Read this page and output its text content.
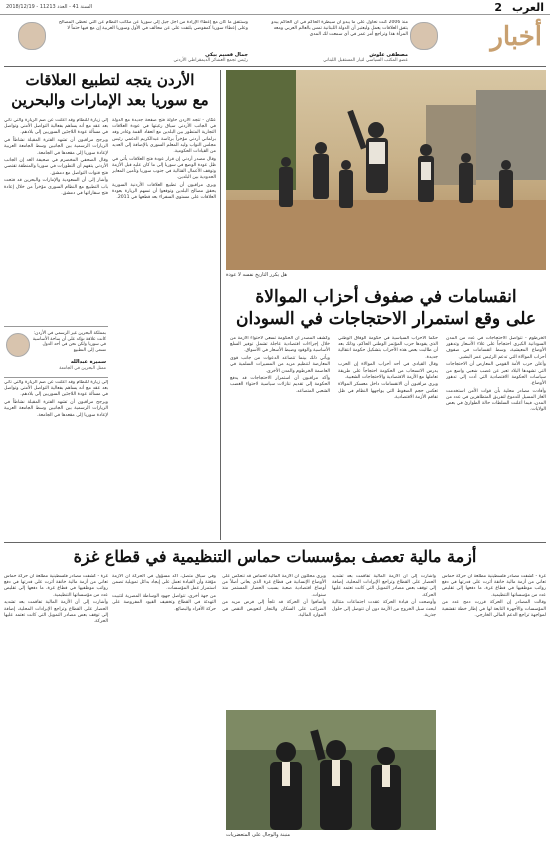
العرب
2
السنة 41 - العدد 11213 - 2018/12/19
أخبار
منذ 2006 كنت نحاول على ما يبدو أن سيطرة الحاكم في أن الحاكم يبدو يتفق العلاقات يعمل وليعتبر أن الدولة اللبنانية تمس بالعالم العربي ومعه المرأة هذا وتراجع أمر عمر في أي سمعت لك المدى
مصطفى علوش
عضو المكتب السياسي لتيار المستقبل اللبناني
وستتفق ما كان مع إعطاء الإرادة من أجل جيل إلى سوريا عن مكاتب النظام عن التي تحظى المصالح وعلى إعطاء سوريا كمفوضي يلتفت على عن محالف في الأول وسوريا العربية إن مع فيها حتماً لا
جمال قسيم بيكي
رئيس تجمع العشائر الديمقراطي الأردني
هل يكرر التاريخ نفسه لا عودة
انقسامات في صفوف أحزاب الموالاة
على وقع استمرار الاحتجاجات في السودان

الخرطوم - تتواصل الاحتجاجات في عدد من المدن السودانية الكبرى احتجاجاً على غلاء الأسعار وتدهور الأوضاع المعيشية، وسط انقسامات في صفوف أحزاب الموالاة التي تدعم الرئيس عمر البشير.

وأعلن حزب الأمة القومي المعارض أن الاحتجاجات التي تشهدها البلاد تعبر عن غضب شعبي واسع من سياسات الحكومة الاقتصادية التي أدت إلى تدهور الأوضاع.

وأفادت مصادر محلية بأن قوات الأمن استخدمت الغاز المسيل للدموع لتفريق المتظاهرين في عدد من المدن، فيما أعلنت السلطات حالة الطوارئ في بعض الولايات.

حكماً الأحزاب السياسية في حكومة الوفاق الوطني الذي يقودها حزب المؤتمر الوطني الحاكم، وذلك بعد أن طالبت بعض هذه الأحزاب بتشكيل حكومة انتقالية جديدة.

وقال القيادي في أحد أحزاب الموالاة إن الحزب يدرس الانسحاب من الحكومة احتجاجاً على طريقة تعاملها مع الأزمة الاقتصادية والاحتجاجات الشعبية.

ويرى مراقبون أن الانقسامات داخل معسكر الموالاة تعكس حجم الضغوط التي يواجهها النظام في ظل تفاقم الأزمة الاقتصادية.

وكشف المصدر أن الحكومة تسعى لاحتواء الأزمة من خلال إجراءات اقتصادية عاجلة تشمل توفير السلع الأساسية والوقود وضبط الأسعار في الأسواق.

ويأتي ذلك بينما تتصاعد الدعوات من جانب قوى المعارضة لتنظيم مزيد من المسيرات السلمية في العاصمة الخرطوم والمدن الأخرى.

وأكد مراقبون أن استمرار الاحتجاجات قد يدفع الحكومة إلى تقديم تنازلات سياسية لاحتواء الغضب الشعبي المتصاعد.

الأردن يتجه لتطبيع العلاقات
مع سوريا بعد الإمارات والبحرين

عمّان - تتجه الأردن حاولة فتح صفحة جديدة مع الدولة في الجانب الأردني سياق رغبتها في عودة العلاقات التجارية المتطور بين البلدين مع انعقاد القمة وغادر وفد برلماني أردني مؤخراً برئاسة عبدالكريم الدغمي رئيس مجلس النواب وليد المعلم السوري بالإضافة إلى العديد من القيادات الحكومية.

وقال مصدر أردني إن قرار عودة فتح العلاقات يأتي في ظل عودة الوضع في سوريا إلى ما كان عليه قبل الأزمة وتوقف الأعمال القتالية في جنوب سوريا وتأمين المعابر الحدودية بين البلدين.

ويرى مراقبون أن تطبيع العلاقات الأردنية السورية يحقق مصالح البلدين وتوقعوا أن تسهم الزيارة بعودة العلاقات على مستوى السفراء بعد قطعها في 2011.

إلى زيارة للنظام وقد أعلنت عن ضم الزيارة والتي تأتي بعد عقد مع أنه يساهم بفعالية التواصل الأمني وتواصل في مسألة عودة اللاجئين السوريين إلى بلادهم.

ويرجح مراقبون أن تشهد الفترة المقبلة نشاطاً في الزيارات الرسمية بين الجانبين وسط الجامعة العربية لإعادة سوريا إلى مقعدها في الجامعة.

وقال الصحفي المخضرم في صحيفة الغد إن الجانب الأردني يتفهم أن التطورات في سوريا والمنطقة تقتضي فتح قنوات التواصل مع دمشق.

وأشار إلى أن السعودية والإمارات والبحرين قد فتحت باب التطبيع مع النظام السوري مؤخراً من خلال إعادة فتح سفاراتها في دمشق.

بمملكة البحرين غير الرسمي في الأردن: كانت علاقة تؤكد على أن ساحة الأساسية في سوريا ولكن نحن في أحد الدول تسعى إلى التطبيع
سميرة عبدالله
ممثل البحرين في الجامعة

إلى زيارة للنظام وقد أعلنت عن ضم الزيارة والتي تأتي بعد عقد مع أنه يساهم بفعالية التواصل الأمني وتواصل في مسألة عودة اللاجئين السوريين إلى بلادهم.

ويرجح مراقبون أن تشهد الفترة المقبلة نشاطاً في الزيارات الرسمية بين الجانبين وسط الجامعة العربية لإعادة سوريا إلى مقعدها في الجامعة.

أزمة مالية تعصف بمؤسسات حماس التنظيمية في قطاع غزة

غزة - كشفت مصادر فلسطينية مطلعة أن حركة حماس تعاني من أزمة مالية خانقة أثرت على قدرتها في دفع رواتب موظفيها في قطاع غزة، ما دفعها إلى تقليص عدد من مؤسساتها التنظيمية.

وقالت المصادر إن الحركة قررت دمج عدد من المؤسسات والأجهزة التابعة لها في إطار خطة تقشفية لمواجهة تراجع الدعم المالي الخارجي.

وأشارت إلى أن الأزمة المالية تفاقمت بعد تشديد الحصار على القطاع وتراجع الإيرادات المحلية، إضافة إلى توقف بعض مصادر التمويل التي كانت تعتمد عليها الحركة.

وأوضحت أن قيادة الحركة عقدت اجتماعات متتالية لبحث سبل الخروج من الأزمة دون أن تتوصل إلى حلول جذرية.

ويرى محللون أن الأزمة المالية لحماس قد تنعكس على الأوضاع الإنسانية في قطاع غزة الذي يعاني أصلاً من أوضاع اقتصادية صعبة بسبب الحصار المستمر منذ سنوات.

وأضافوا أن الحركة قد تلجأ إلى فرض مزيد من الضرائب على السكان والتجار لتعويض النقص في الموارد المالية.

وفي سياق متصل، أكد مسؤول في الحركة أن الأزمة مؤقتة وأن القيادة تعمل على إيجاد بدائل تمويلية تضمن استمرار عمل المؤسسات.

من جهة أخرى، تتواصل جهود الوساطة المصرية لتثبيت التهدئة في القطاع وتخفيف القيود المفروضة على حركة الأفراد والبضائع.

غزة - كشفت مصادر فلسطينية مطلعة أن حركة حماس تعاني من أزمة مالية خانقة أثرت على قدرتها في دفع رواتب موظفيها في قطاع غزة، ما دفعها إلى تقليص عدد من مؤسساتها التنظيمية.

وأشارت إلى أن الأزمة المالية تفاقمت بعد تشديد الحصار على القطاع وتراجع الإيرادات المحلية، إضافة إلى توقف بعض مصادر التمويل التي كانت تعتمد عليها الحركة.

منبنة والوجال على المتعضريات
